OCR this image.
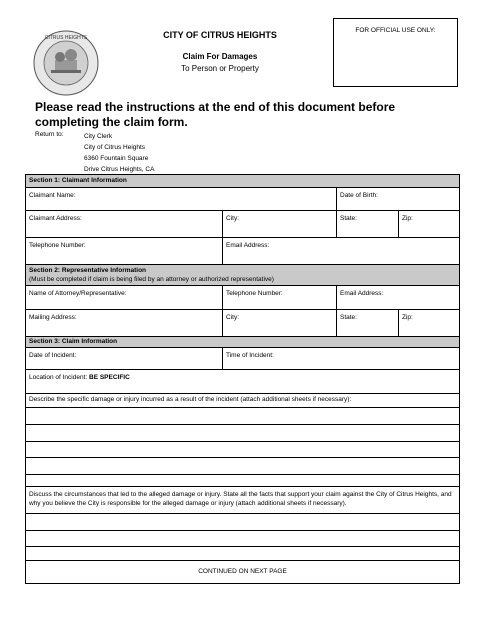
CITRUS HEIGHTS	CITY OF CITRUS HEIGHTS
Claim For Damages
To Person or Property
FOR OFFICIAL USE ONLY:
Please read the instructions at the end of this document before completing the claim form.
Return to:	City Clerk
City of Citrus Heights
6360 Fountain Square
Drive Citrus Heights, CA
Section 1: Claimant Information
Claimant Name:	Date of Birth:
Claimant Address:	City:	State:	Zip:
Telephone Number:	Email Address:
Section 2: Representative Information
(Must be completed if claim is being filed by an attorney or authorized representative)
Name of Attorney/Representative:	Telephone Number:	Email Address:
Mailing Address:	City:	State:	Zip:
Section 3: Claim Information
Date of Incident:	Time of Incident:
Location of Incident: BE SPECIFIC
Describe the specific damage or injury incurred as a result of the incident (attach additional sheets if necessary):
Discuss the circumstances that led to the alleged damage or injury. State all the facts that support your claim against the City of Citrus Heights, and why you believe the City is responsible for the alleged damage or injury (attach additional sheets if necessary).
CONTINUED ON NEXT PAGE
